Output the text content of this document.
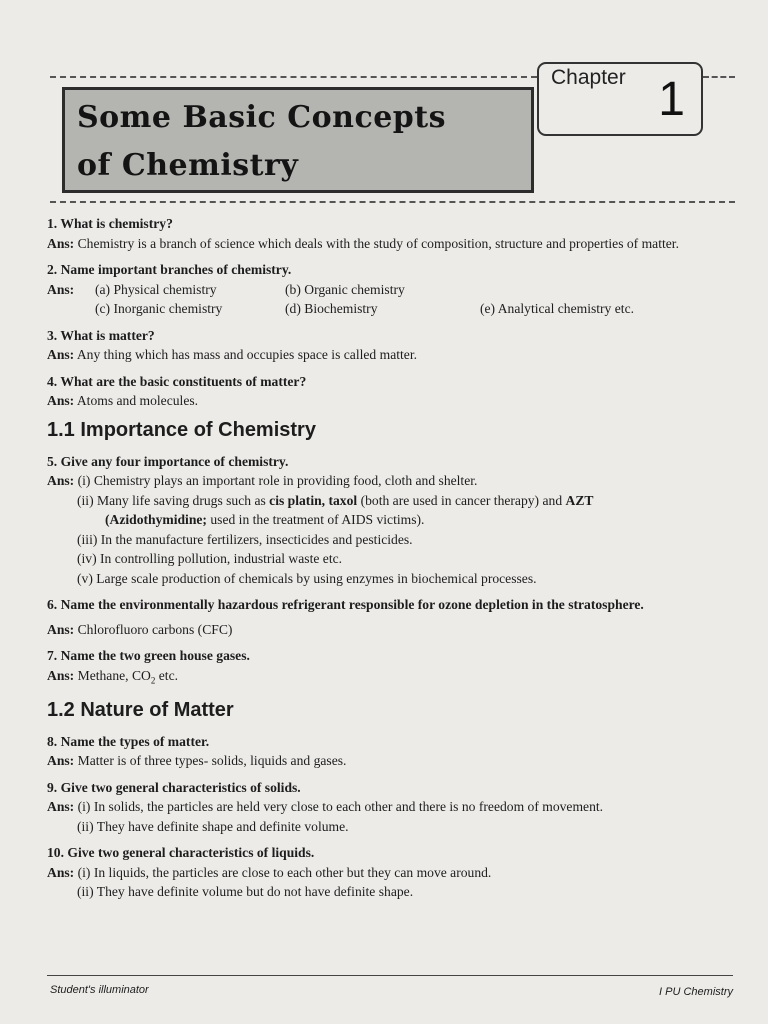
Chapter 1
Some Basic Concepts
of Chemistry

1. What is chemistry?

Ans: Chemistry is a branch of science which deals with the study of composition, structure and properties of matter.

2. Name important branches of chemistry.

Ans:	(a) Physical chemistry	(b) Organic chemistry
(c) Inorganic chemistry	(d) Biochemistry	(e) Analytical chemistry etc.

3. What is matter?

Ans: Any thing which has mass and occupies space is called matter.

4. What are the basic constituents of matter?

Ans: Atoms and molecules.

1.1 Importance of Chemistry

5. Give any four importance of chemistry.

Ans: (i) Chemistry plays an important role in providing food, cloth and shelter.

(ii) Many life saving drugs such as cis platin, taxol (both are used in cancer therapy) and AZT

(Azidothymidine; used in the treatment of AIDS victims).

(iii) In the manufacture fertilizers, insecticides and pesticides.

(iv) In controlling pollution, industrial waste etc.

(v) Large scale production of chemicals by using enzymes in biochemical processes.

6. Name the environmentally hazardous refrigerant responsible for ozone depletion in the stratosphere.

Ans: Chlorofluoro carbons (CFC)

7. Name the two green house gases.

Ans: Methane, $CO_2$ etc.

1.2 Nature of Matter

8. Name the types of matter.

Ans: Matter is of three types- solids, liquids and gases.

9. Give two general characteristics of solids.

Ans: (i) In solids, the particles are held very close to each other and there is no freedom of movement.

(ii) They have definite shape and definite volume.

10. Give two general characteristics of liquids.

Ans: (i) In liquids, the particles are close to each other but they can move around.

(ii) They have definite volume but do not have definite shape.

Student's illuminator	I PU Chemistry
